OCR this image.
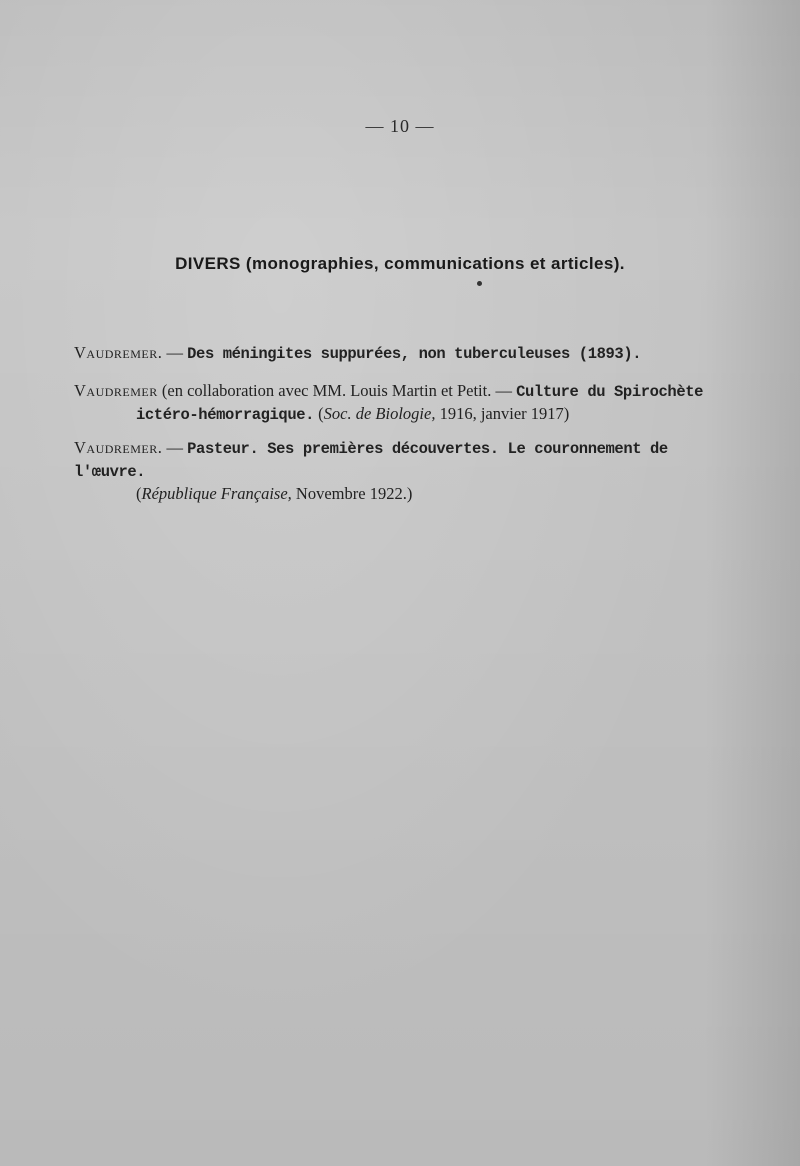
— 10 —
DIVERS (monographies, communications et articles).
Vaudremer. — Des méningites suppurées, non tuberculeuses (1893).
Vaudremer (en collaboration avec MM. Louis Martin et Petit. — Culture du Spirochète
ictéro-hémorragique. (Soc. de Biologie, 1916, janvier 1917)
Vaudremer. — Pasteur. Ses premières découvertes. Le couronnement de l'œuvre.
(République Française, Novembre 1922.)
